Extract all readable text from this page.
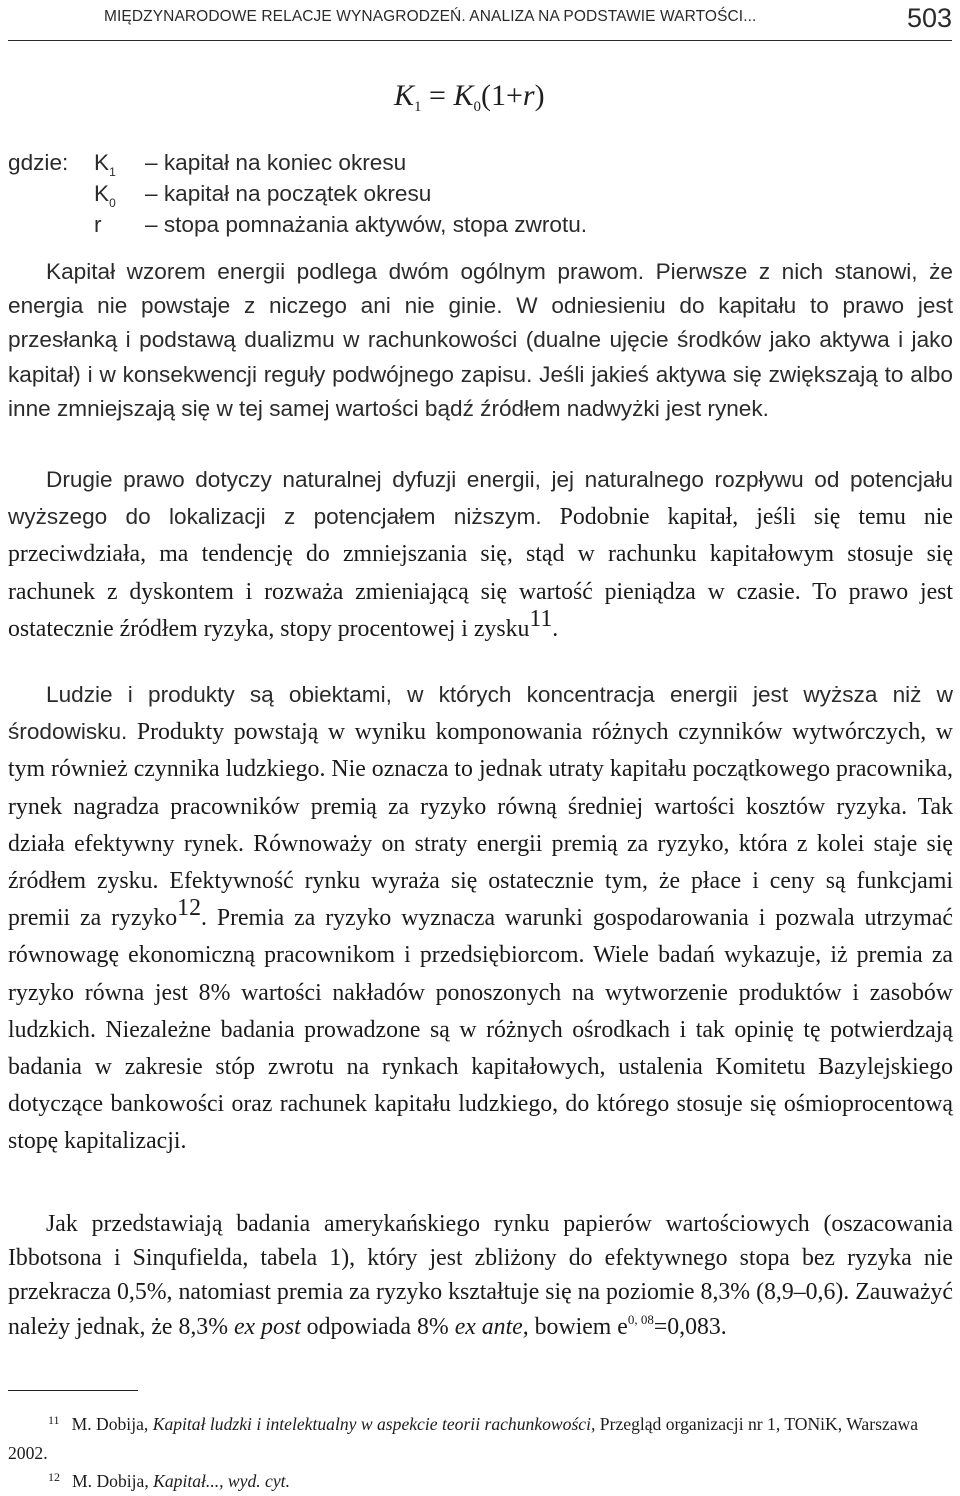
MIĘDZYNARODOWE RELACJE WYNAGRODZEŃ. ANALIZA NA PODSTAWIE WARTOŚCI...	503
$K_1 = K_0(1+r)$
gdzie: $K_1$ – kapitał na koniec okresu
$K_0$ – kapitał na początek okresu
r – stopa pomnażania aktywów, stopa zwrotu.

Kapitał wzorem energii podlega dwóm ogólnym prawom. Pierwsze z nich stanowi, że energia nie powstaje z niczego ani nie ginie. W odniesieniu do kapitału to prawo jest przesłanką i podstawą dualizmu w rachunkowości (dualne ujęcie środków jako aktywa i jako kapitał) i w konsekwencji reguły podwójnego zapisu. Jeśli jakieś aktywa się zwiększają to albo inne zmniejszają się w tej samej wartości bądź źródłem nadwyżki jest rynek.

Drugie prawo dotyczy naturalnej dyfuzji energii, jej naturalnego rozpływu od potencjału wyższego do lokalizacji z potencjałem niższym. Podobnie kapitał, jeśli się temu nie przeciwdziała, ma tendencję do zmniejszania się, stąd w rachunku kapitałowym stosuje się rachunek z dyskontem i rozważa zmieniającą się wartość pieniądza w czasie. To prawo jest ostatecznie źródłem ryzyka, stopy procentowej i zysku$^{11}$.

Ludzie i produkty są obiektami, w których koncentracja energii jest wyższa niż w środowisku. Produkty powstają w wyniku komponowania różnych czynników wytwórczych, w tym również czynnika ludzkiego. Nie oznacza to jednak utraty kapitału początkowego pracownika, rynek nagradza pracowników premią za ryzyko równą średniej wartości kosztów ryzyka. Tak działa efektywny rynek. Równoważy on straty energii premią za ryzyko, która z kolei staje się źródłem zysku. Efektywność rynku wyraża się ostatecznie tym, że płace i ceny są funkcjami premii za ryzyko$^{12}$. Premia za ryzyko wyznacza warunki gospodarowania i pozwala utrzymać równowagę ekonomiczną pracownikom i przedsiębiorcom. Wiele badań wykazuje, iż premia za ryzyko równa jest 8% wartości nakładów ponoszonych na wytworzenie produktów i zasobów ludzkich. Niezależne badania prowadzone są w różnych ośrodkach i tak opinię tę potwierdzają badania w zakresie stóp zwrotu na rynkach kapitałowych, ustalenia Komitetu Bazylejskiego dotyczące bankowości oraz rachunek kapitału ludzkiego, do którego stosuje się ośmioprocentową stopę kapitalizacji.

Jak przedstawiają badania amerykańskiego rynku papierów wartościowych (oszacowania Ibbotsona i Sinqufielda, tabela 1), który jest zbliżony do efektywnego stopa bez ryzyka nie przekracza 0,5%, natomiast premia za ryzyko kształtuje się na poziomie 8,3% (8,9–0,6). Zauważyć należy jednak, że 8,3% ex post odpowiada 8% ex ante, bowiem $e^{0, 08}=0,083$.

$^{11}$ M. Dobija, Kapitał ludzki i intelektualny w aspekcie teorii rachunkowości, Przegląd organizacji nr 1, TONiK, Warszawa 2002.

$^{12}$ M. Dobija, Kapitał..., wyd. cyt.
